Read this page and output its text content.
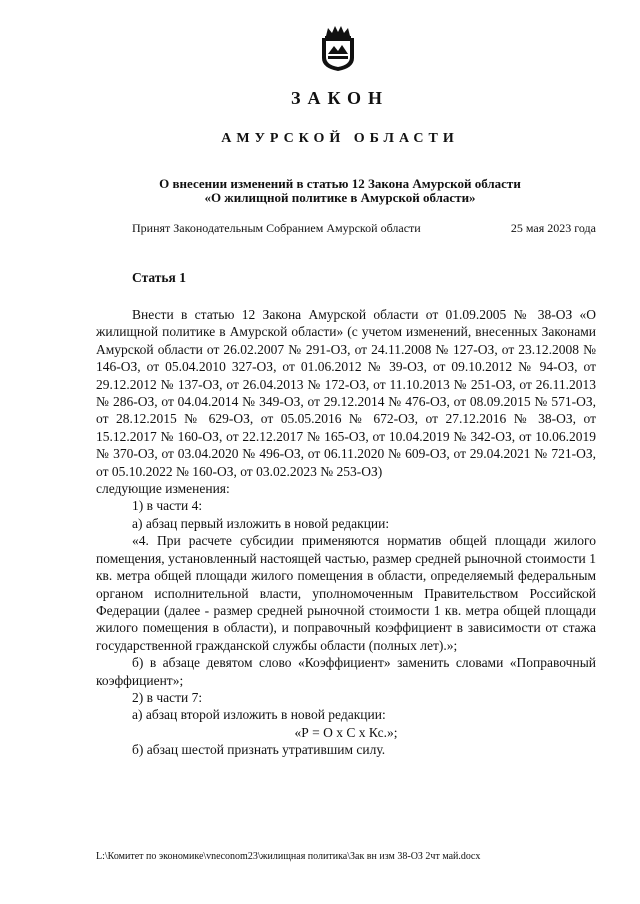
ЗАКОН
АМУРСКОЙ ОБЛАСТИ
О внесении изменений в статью 12 Закона Амурской области
«О жилищной политике в Амурской области»
Принят Законодательным Собранием Амурской области	25 мая 2023 года
Статья 1

Внести в статью 12 Закона Амурской области от 01.09.2005 № 38-ОЗ «О жилищной политике в Амурской области» (с учетом изменений, внесенных Законами Амурской области от 26.02.2007 № 291-ОЗ, от 24.11.2008 № 127-ОЗ, от 23.12.2008 № 146-ОЗ, от 05.04.2010 327-ОЗ, от 01.06.2012 № 39-ОЗ, от 09.10.2012 № 94-ОЗ, от 29.12.2012 № 137-ОЗ, от 26.04.2013 № 172-ОЗ, от 11.10.2013 № 251-ОЗ, от 26.11.2013 № 286-ОЗ, от 04.04.2014 № 349-ОЗ, от 29.12.2014 № 476-ОЗ, от 08.09.2015 № 571-ОЗ, от 28.12.2015 № 629-ОЗ, от 05.05.2016 № 672-ОЗ, от 27.12.2016 № 38-ОЗ, от 15.12.2017 № 160-ОЗ, от 22.12.2017 № 165-ОЗ, от 10.04.2019 № 342-ОЗ, от 10.06.2019 № 370-ОЗ, от 03.04.2020 № 496-ОЗ, от 06.11.2020 № 609-ОЗ, от 29.04.2021 № 721-ОЗ, от 05.10.2022 № 160-ОЗ, от 03.02.2023 № 253-ОЗ)

следующие изменения:

1) в части 4:

а) абзац первый изложить в новой редакции:

«4. При расчете субсидии применяются норматив общей площади жилого помещения, установленный настоящей частью, размер средней рыночной стоимости 1 кв. метра общей площади жилого помещения в области, определяемый федеральным органом исполнительной власти, уполномоченным Правительством Российской Федерации (далее - размер средней рыночной стоимости 1 кв. метра общей площади жилого помещения в области), и поправочный коэффициент в зависимости от стажа государственной гражданской службы области (полных лет).»;

б) в абзаце девятом слово «Коэффициент» заменить словами «Поправочный коэффициент»;

2) в части 7:

а) абзац второй изложить в новой редакции:

«Р = О х С х Кс.»;

б) абзац шестой признать утратившим силу.

L:\Комитет по экономике\vnеconom23\жилищная политика\Зак вн изм 38-ОЗ 2чт май.docx
